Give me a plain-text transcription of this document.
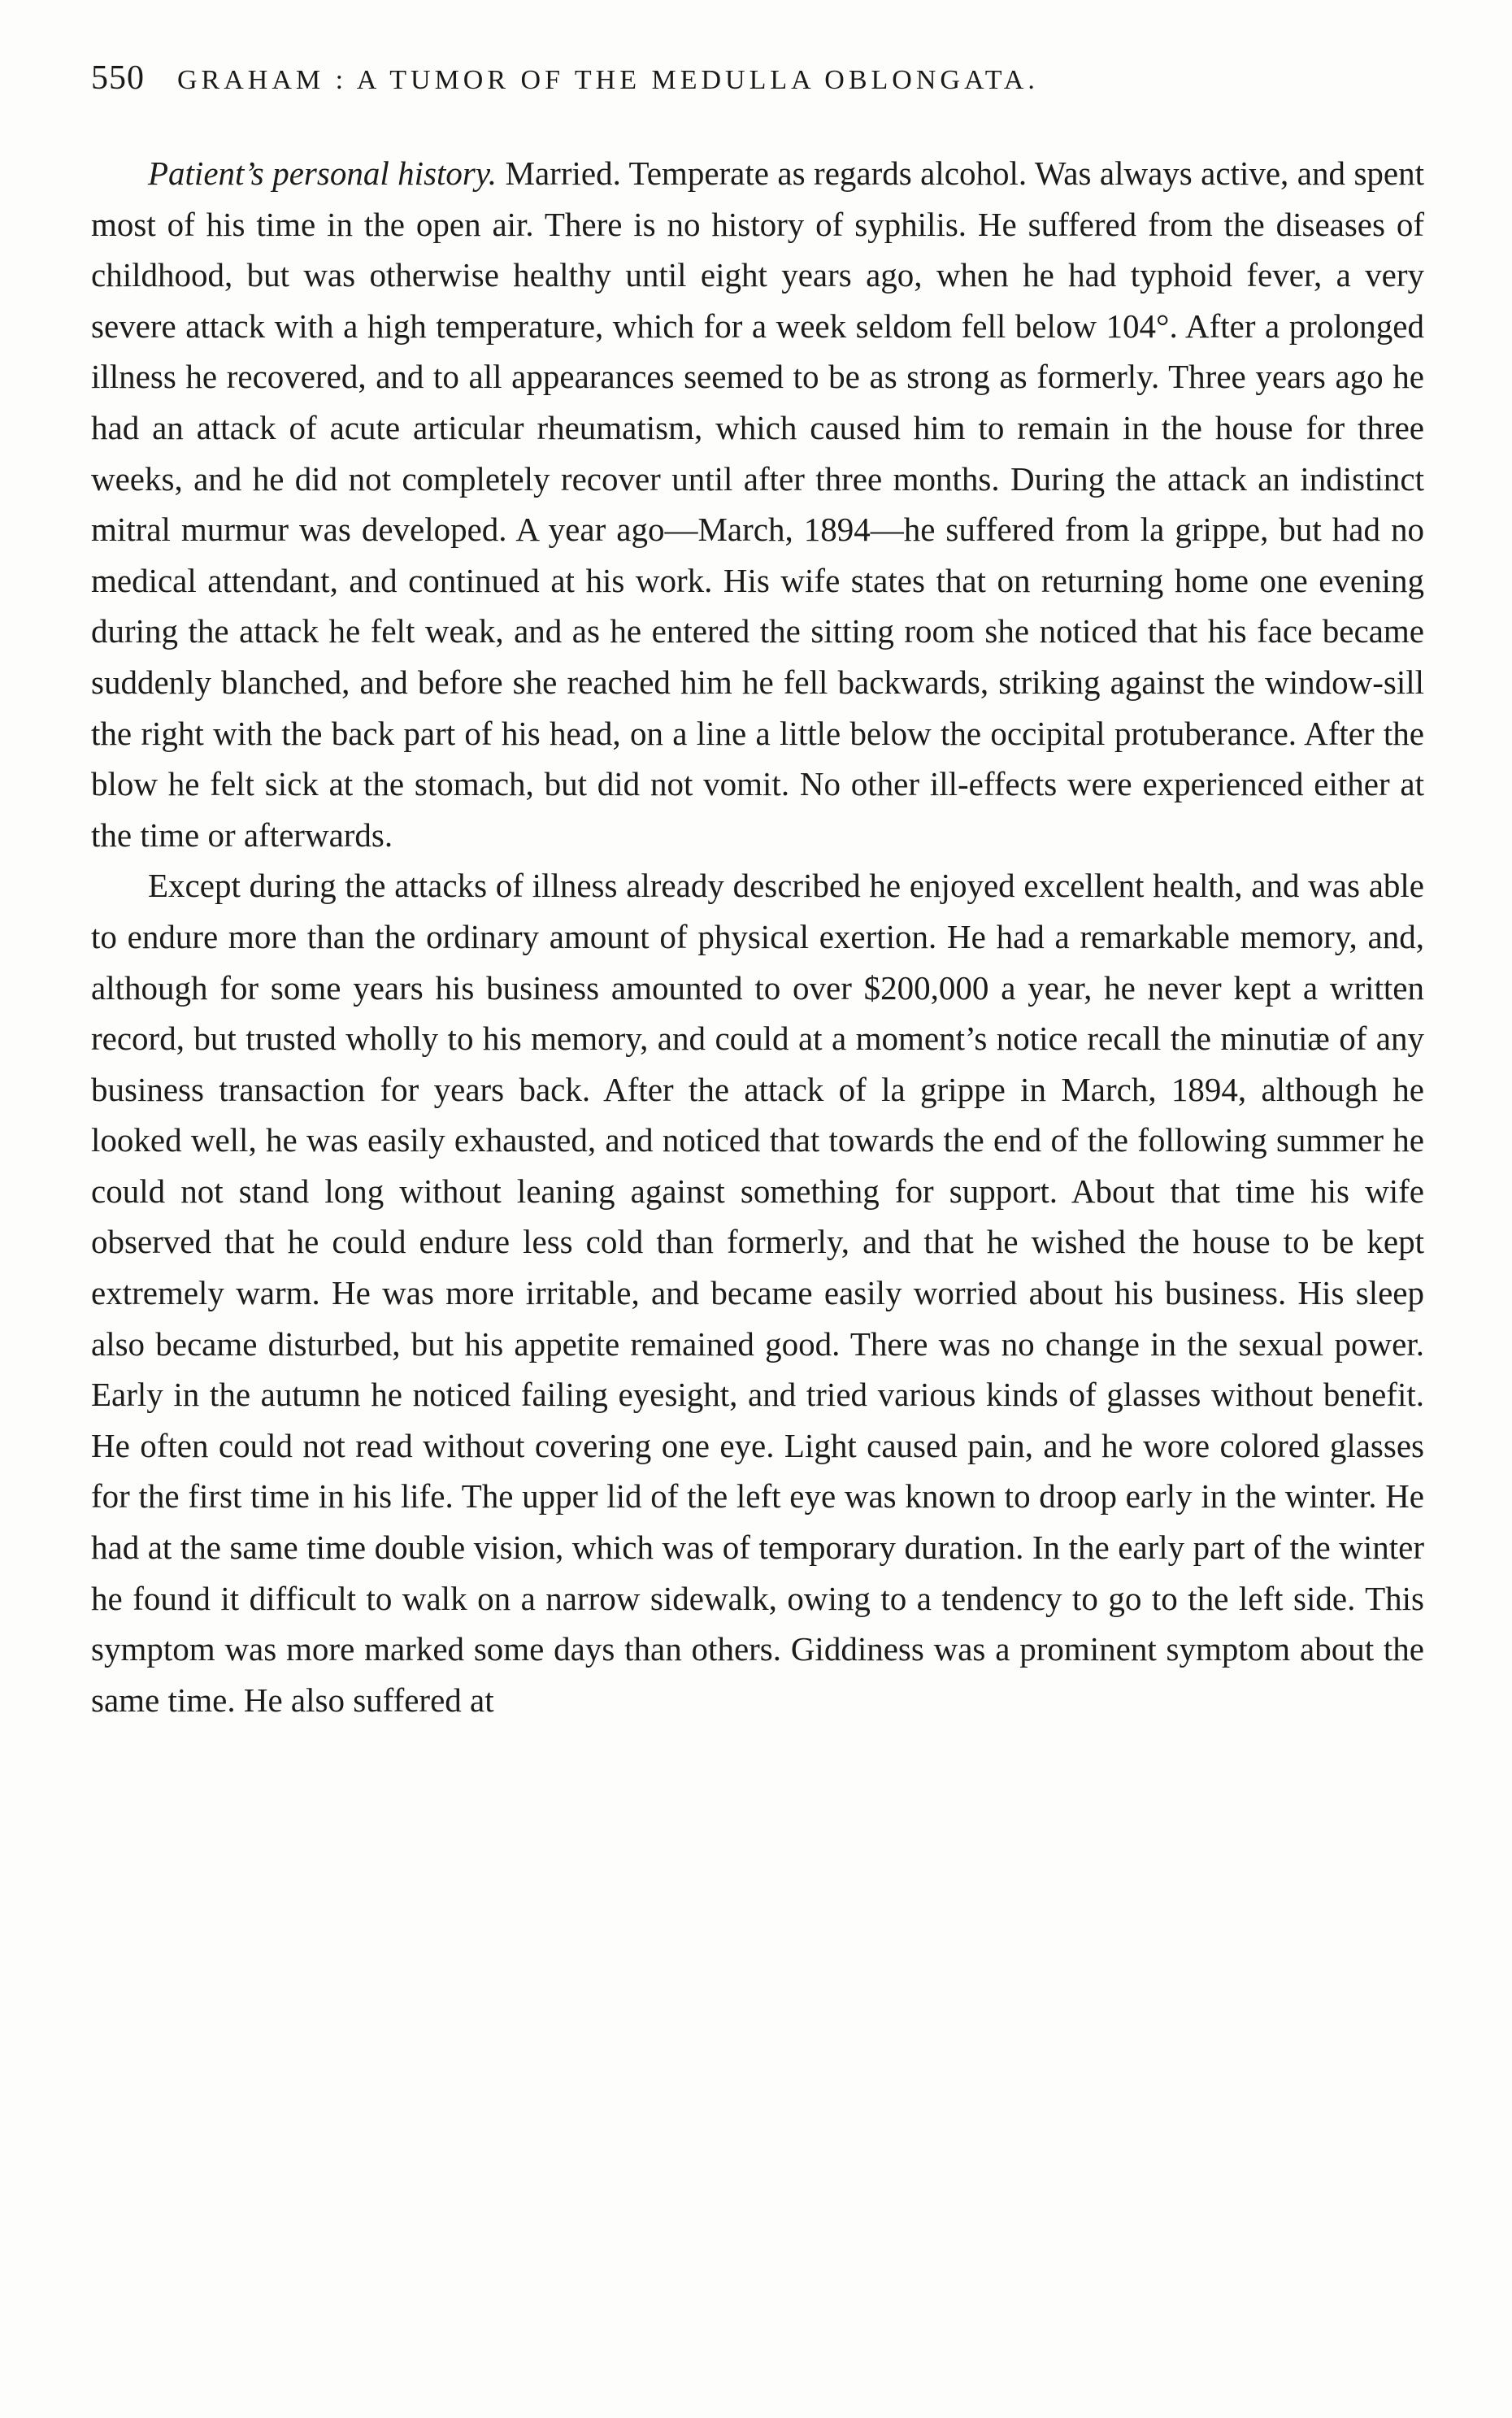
550 GRAHAM : A TUMOR OF THE MEDULLA OBLONGATA.

Patient’s personal history. Married. Temperate as regards alcohol. Was always active, and spent most of his time in the open air. There is no history of syphilis. He suffered from the diseases of childhood, but was otherwise healthy until eight years ago, when he had typhoid fever, a very severe attack with a high temperature, which for a week seldom fell below 104°. After a prolonged illness he recovered, and to all appearances seemed to be as strong as formerly. Three years ago he had an attack of acute articular rheumatism, which caused him to remain in the house for three weeks, and he did not completely recover until after three months. During the attack an indistinct mitral murmur was developed. A year ago—March, 1894—he suffered from la grippe, but had no medical attendant, and continued at his work. His wife states that on returning home one evening during the attack he felt weak, and as he entered the sitting room she noticed that his face became suddenly blanched, and before she reached him he fell backwards, striking against the window-sill the right with the back part of his head, on a line a little below the occipital protuberance. After the blow he felt sick at the stomach, but did not vomit. No other ill-effects were experienced either at the time or afterwards.

Except during the attacks of illness already described he enjoyed excellent health, and was able to endure more than the ordinary amount of physical exertion. He had a remarkable memory, and, although for some years his business amounted to over $200,000 a year, he never kept a written record, but trusted wholly to his memory, and could at a moment’s notice recall the minutiæ of any business transaction for years back. After the attack of la grippe in March, 1894, although he looked well, he was easily exhausted, and noticed that towards the end of the following summer he could not stand long without leaning against something for support. About that time his wife observed that he could endure less cold than formerly, and that he wished the house to be kept extremely warm. He was more irritable, and became easily worried about his business. His sleep also became disturbed, but his appetite remained good. There was no change in the sexual power. Early in the autumn he noticed failing eyesight, and tried various kinds of glasses without benefit. He often could not read without covering one eye. Light caused pain, and he wore colored glasses for the first time in his life. The upper lid of the left eye was known to droop early in the winter. He had at the same time double vision, which was of temporary duration. In the early part of the winter he found it difficult to walk on a narrow sidewalk, owing to a tendency to go to the left side. This symptom was more marked some days than others. Giddiness was a prominent symptom about the same time. He also suffered at
